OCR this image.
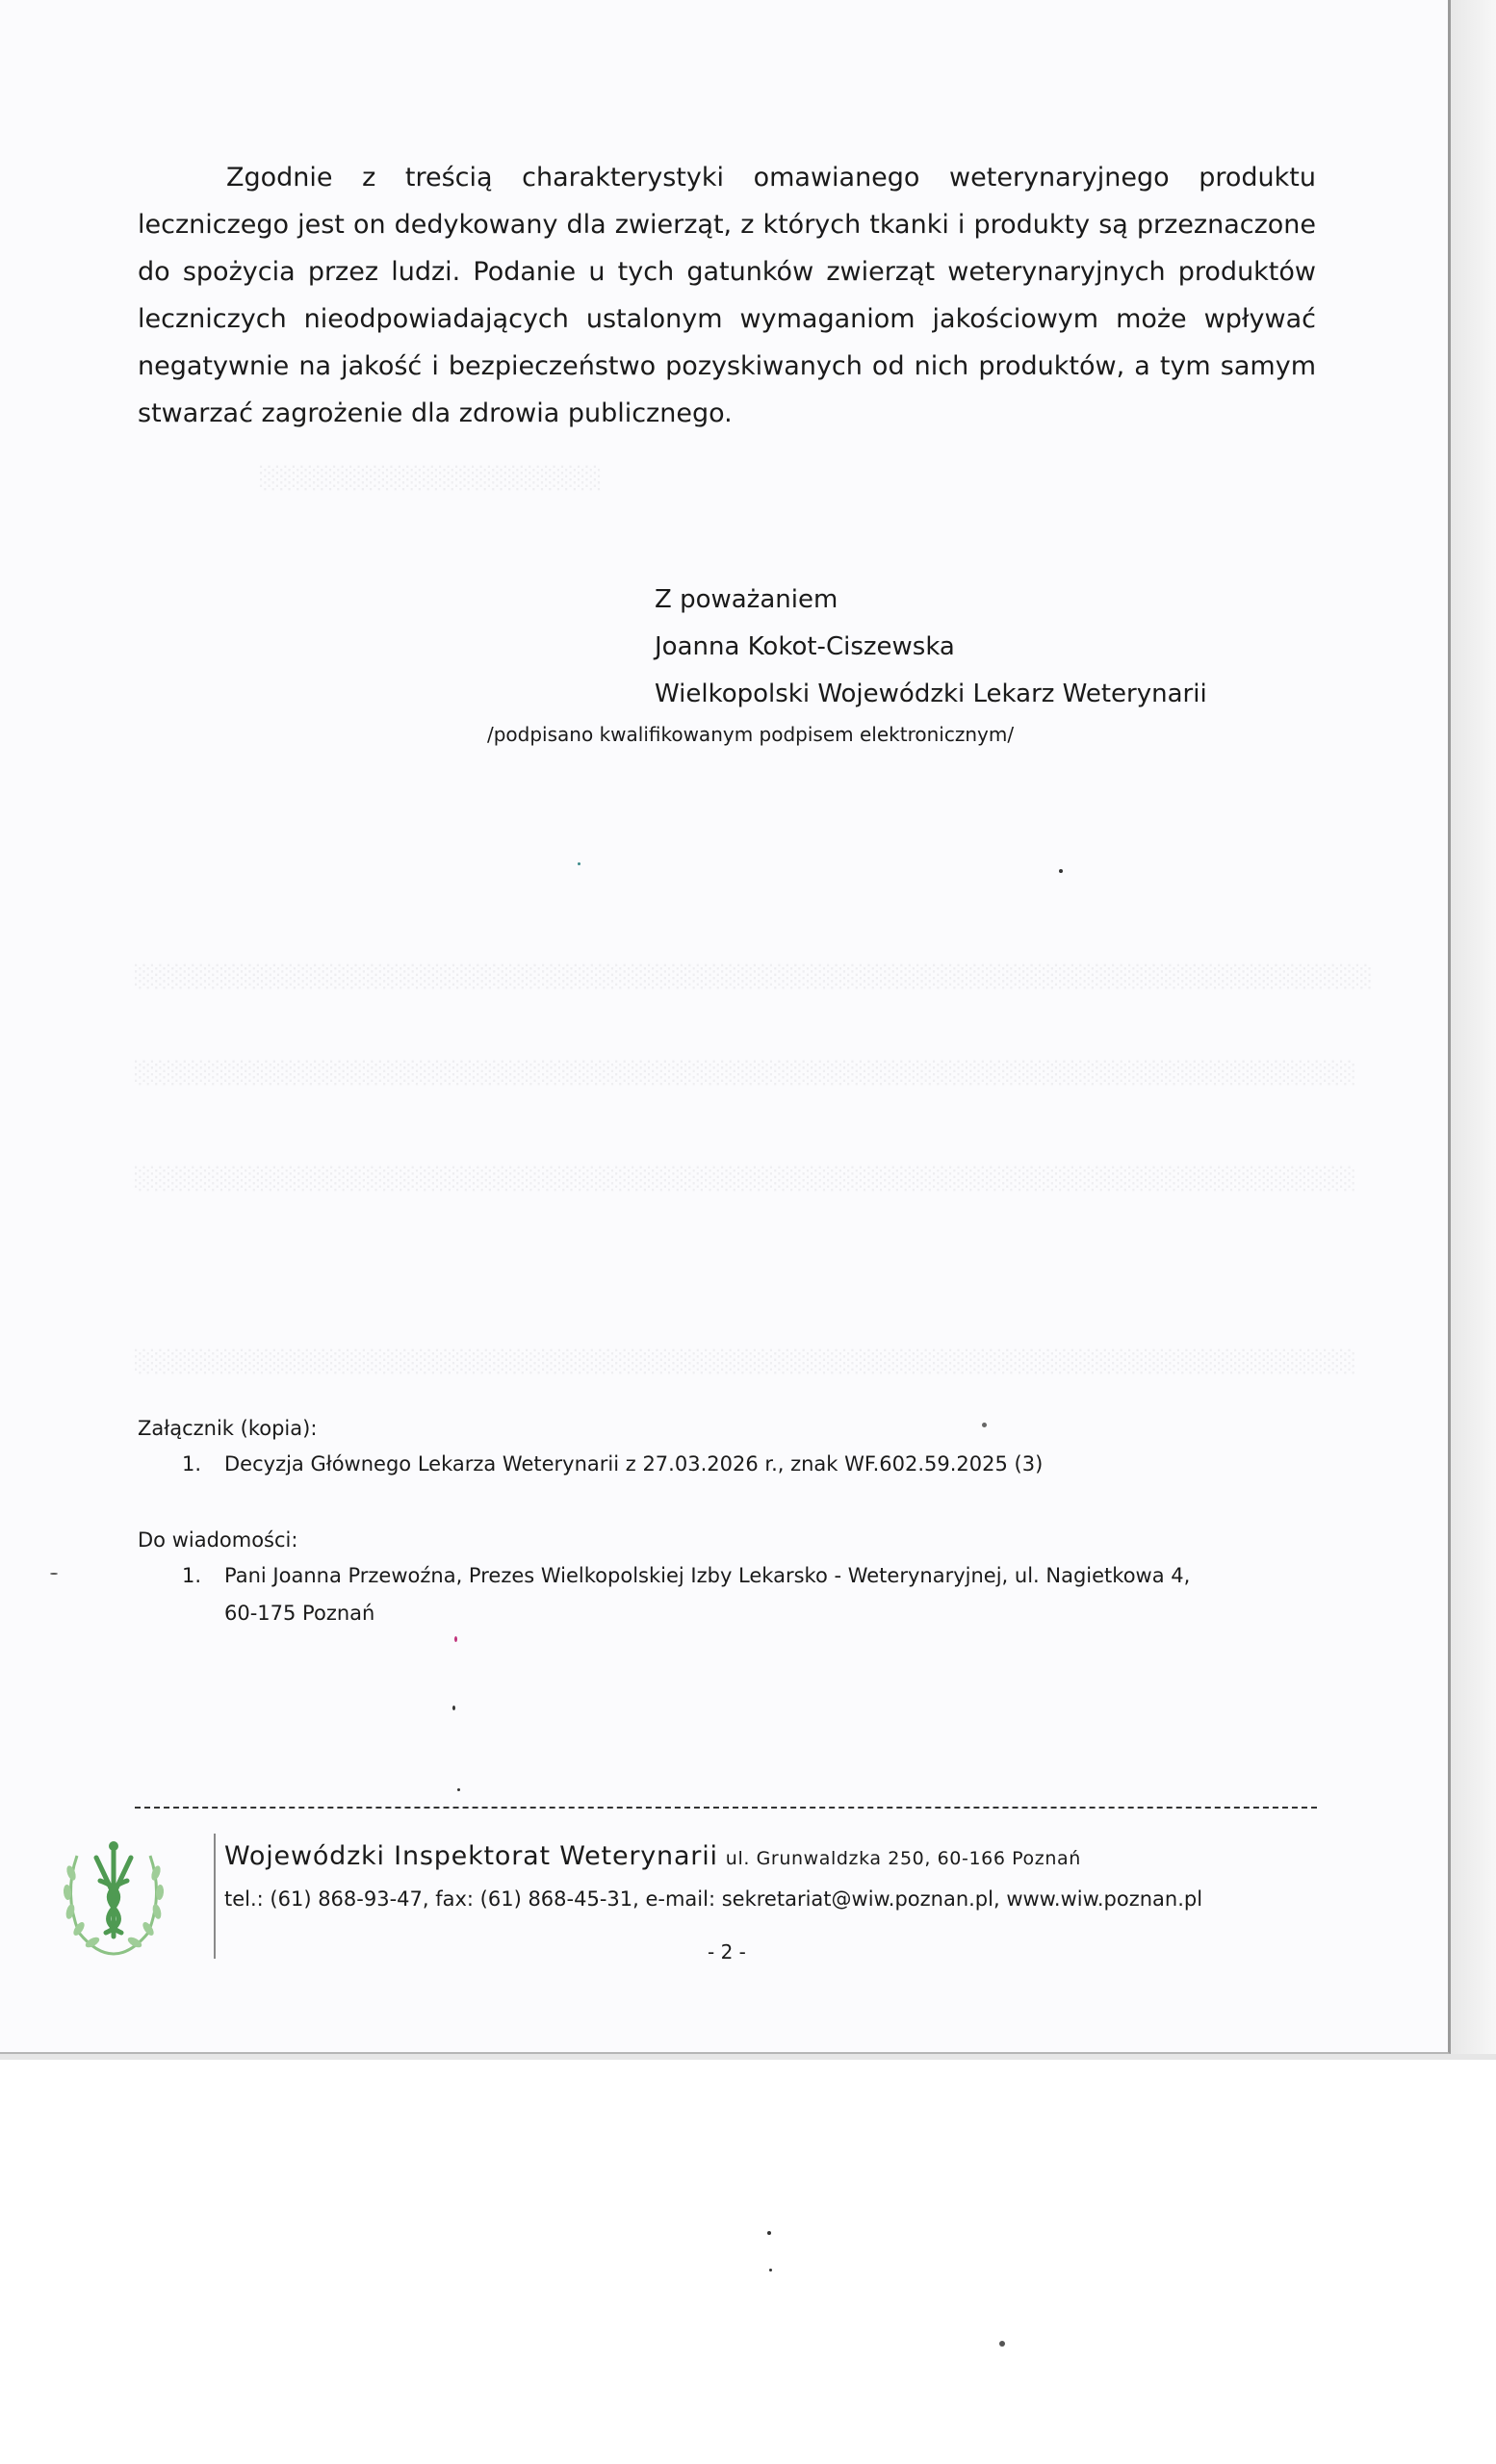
░░░░░░░░░░░░░░░░░░░░░
░░░░░░░░░░░░░░░░░░░░░░░░░░░░░░░░░░░░░░░░░░░░░░░░░░░░░░░░░░░░░░░░░░░░░░░░░░░░
░░░░░░░░░░░░░░░░░░░░░░░░░░░░░░░░░░░░░░░░░░░░░░░░░░░░░░░░░░░░░░░░░░░░░░░░░░░
░░░░░░░░░░░░░░░░░░░░░░░░░░░░░░░░░░░░░░░░░░░░░░░░░░░░░░░░░░░░░░░░░░░░░░░░░░░
░░░░░░░░░░░░░░░░░░░░░░░░░░░░░░░░░░░░░░░░░░░░░░░░░░░░░░░░░░░░░░░░░░░░░░░░░░░

Zgodnie z treścią charakterystyki omawianego weterynaryjnego produktu leczniczego jest on dedykowany dla zwierząt, z których tkanki i produkty są przeznaczone do spożycia przez ludzi. Podanie u tych gatunków zwierząt weterynaryjnych produktów leczniczych nieodpowiadających ustalonym wymaganiom jakościowym może wpływać negatywnie na jakość i bezpieczeństwo pozyskiwanych od nich produktów, a tym samym stwarzać zagrożenie dla zdrowia publicznego.

Z poważaniem
Joanna Kokot-Ciszewska
Wielkopolski Wojewódzki Lekarz Weterynarii
/podpisano kwalifikowanym podpisem elektronicznym/
Załącznik (kopia):
1.	Decyzja Głównego Lekarza Weterynarii z 27.03.2026 r., znak WF.602.59.2025 (3)
Do wiadomości:
1.	Pani Joanna Przewoźna, Prezes Wielkopolskiej Izby Lekarsko - Weterynaryjnej, ul. Nagietkowa 4,
60-175 Poznań
Wojewódzki Inspektorat Weterynarii ul. Grunwaldzka 250, 60-166 Poznań
tel.: (61) 868-93-47, fax: (61) 868-45-31, e-mail: sekretariat@wiw.poznan.pl, www.wiw.poznan.pl
- 2 -
